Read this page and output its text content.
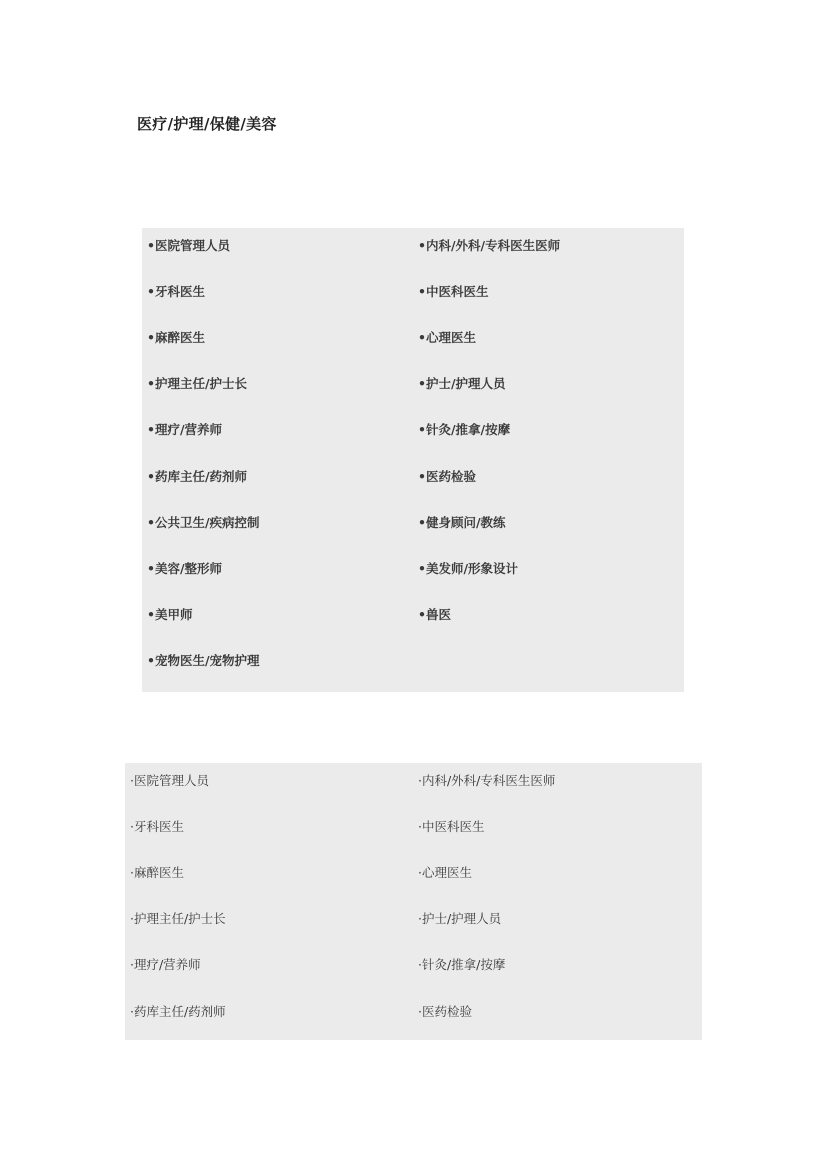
医疗/护理/保健/美容
•医院管理人员
•牙科医生
•麻醉医生
•护理主任/护士长
•理疗/营养师
•药库主任/药剂师
•公共卫生/疾病控制
•美容/整形师
•美甲师
•宠物医生/宠物护理
•内科/外科/专科医生医师
•中医科医生
•心理医生
•护士/护理人员
•针灸/推拿/按摩
•医药检验
•健身顾问/教练
•美发师/形象设计
•兽医
·医院管理人员
·牙科医生
·麻醉医生
·护理主任/护士长
·理疗/营养师
·药库主任/药剂师
·内科/外科/专科医生医师
·中医科医生
·心理医生
·护士/护理人员
·针灸/推拿/按摩
·医药检验
